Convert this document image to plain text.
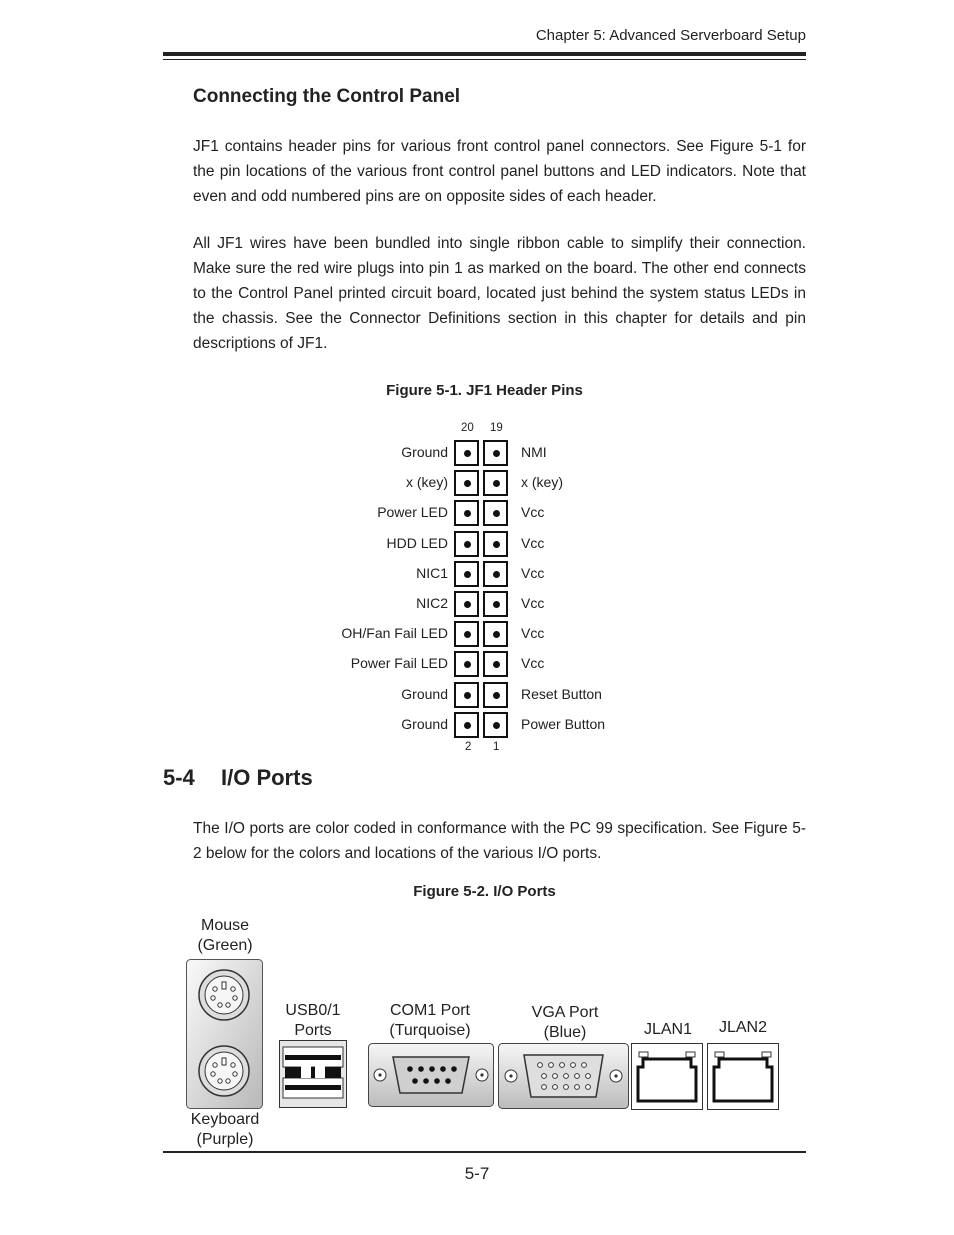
Chapter 5: Advanced Serverboard Setup
Connecting the Control Panel
JF1 contains header pins for various front control panel connectors. See Figure 5-1 for the pin locations of the various front control panel buttons and LED indicators. Note that even and odd numbered pins are on opposite sides of each header.
All JF1 wires have been bundled into single ribbon cable to simplify their connection. Make sure the red wire plugs into pin 1 as marked on the board. The other end connects to the Control Panel printed circuit board, located just behind the system status LEDs in the chassis. See the Connector Definitions section in this chapter for details and pin descriptions of JF1.
Figure 5-1. JF1 Header Pins
20 19
2 1
Ground	NMI
x (key)	x (key)
Power LED	Vcc
HDD LED	Vcc
NIC1	Vcc
NIC2	Vcc
OH/Fan Fail LED	Vcc
Power Fail LED	Vcc
Ground	Reset Button
Ground	Power Button
5-4 I/O Ports
The I/O ports are color coded in conformance with the PC 99 specification. See Figure 5-2 below for the colors and locations of the various I/O ports.
Figure 5-2. I/O Ports
Mouse
(Green)
Keyboard
(Purple)
USB0/1
Ports
COM1 Port
(Turquoise)
VGA Port
(Blue)	JLAN1	JLAN2
5-7
